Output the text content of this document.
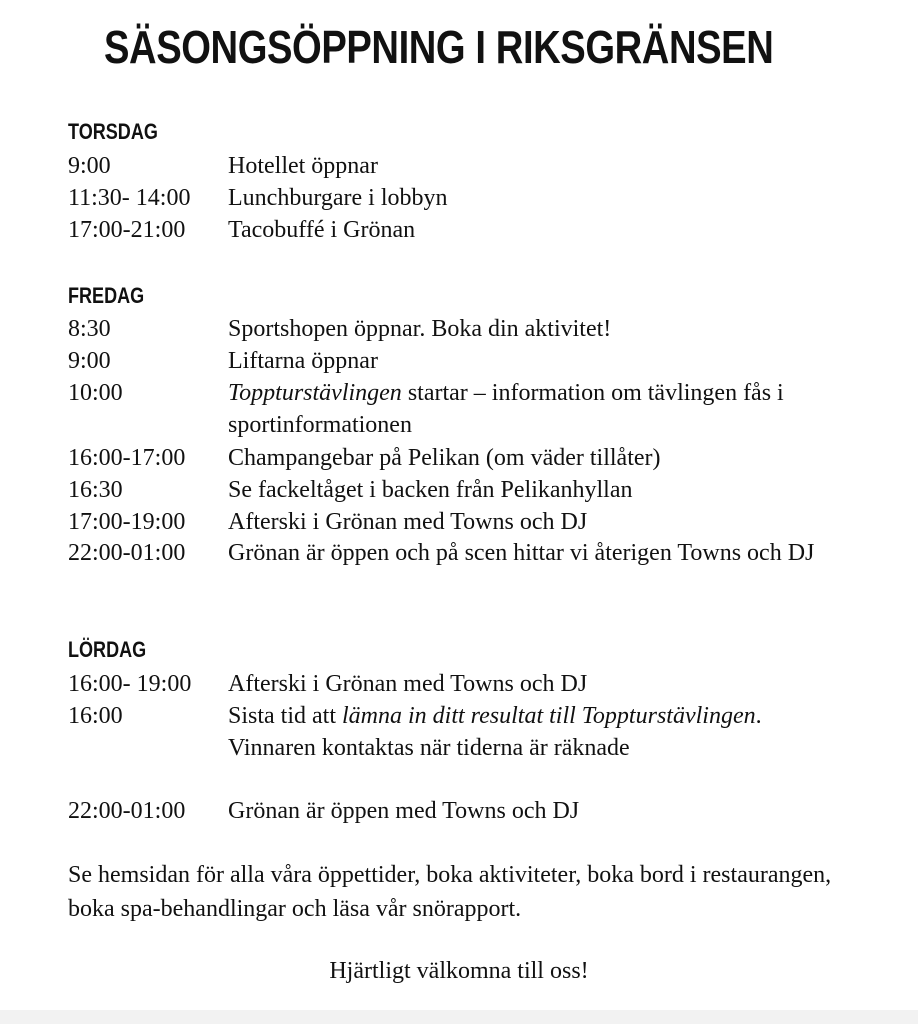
SÄSONGSÖPPNING I RIKSGRÄNSEN
TORSDAG
9:00	Hotellet öppnar
11:30- 14:00 Lunchburgare i lobbyn
17:00-21:00 Tacobuffé i Grönan
FREDAG
8:30	Sportshopen öppnar. Boka din aktivitet!
9:00	Liftarna öppnar
10:00	Toppturstävlingen startar – information om tävlingen fås i sportinformationen
16:00-17:00 Champangebar på Pelikan (om väder tillåter)
16:30	Se fackeltåget i backen från Pelikanhyllan
17:00-19:00 Afterski i Grönan med Towns och DJ
22:00-01:00 Grönan är öppen och på scen hittar vi återigen Towns och DJ
LÖRDAG
16:00- 19:00 Afterski i Grönan med Towns och DJ
16:00	Sista tid att lämna in ditt resultat till Toppturstävlingen. Vinnaren kontaktas när tiderna är räknade
22:00-01:00 Grönan är öppen med Towns och DJ

Se hemsidan för alla våra öppettider, boka aktiviteter, boka bord i restaurangen, boka spa-behandlingar och läsa vår snörapport.

Hjärtligt välkomna till oss!
